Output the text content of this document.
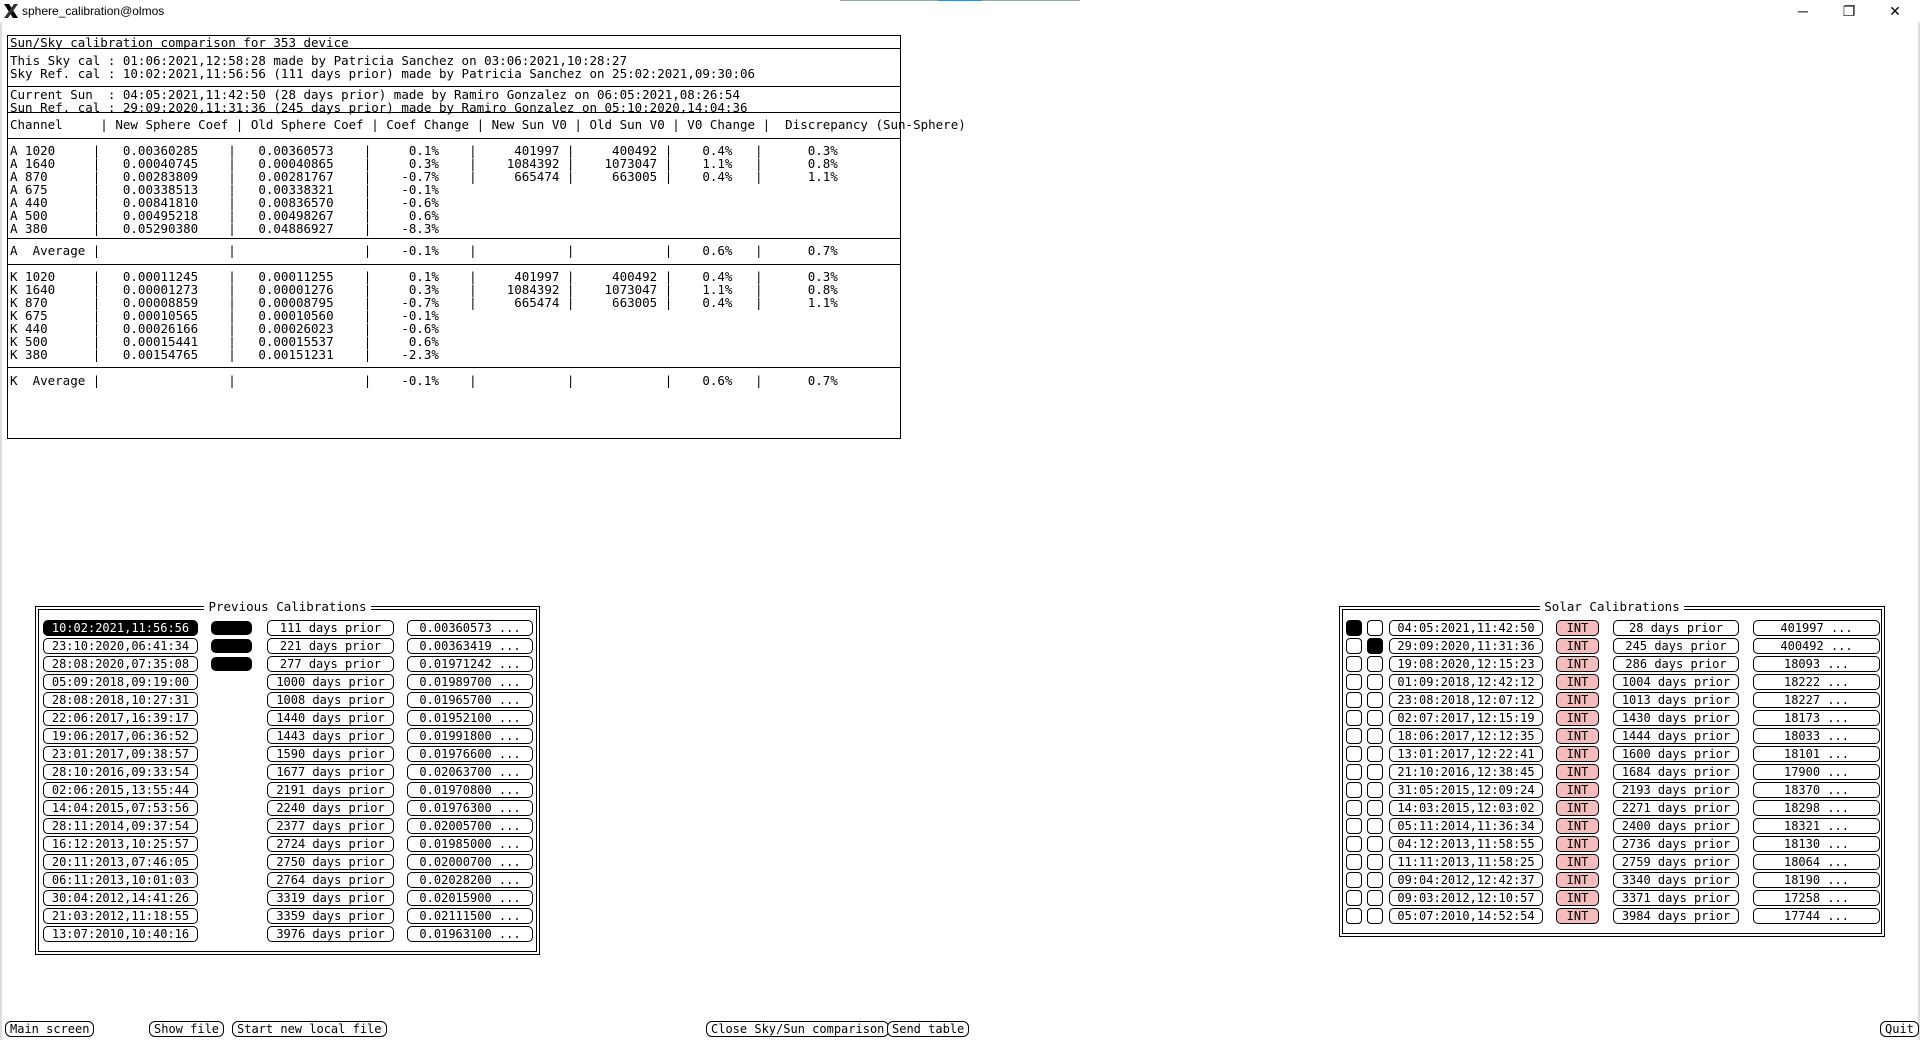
sphere_calibration@olmos	─ ❐ ✕
Sun/Sky calibration comparison for 353 device
This Sky cal : 01:06:2021,12:58:28 made by Patricia Sanchez on 03:06:2021,10:28:27
Sky Ref. cal : 10:02:2021,11:56:56 (111 days prior) made by Patricia Sanchez on 25:02:2021,09:30:06
Current Sun  : 04:05:2021,11:42:50 (28 days prior) made by Ramiro Gonzalez on 06:05:2021,08:26:54
Sun Ref. cal : 29:09:2020,11:31:36 (245 days prior) made by Ramiro Gonzalez on 05:10:2020,14:04:36
Channel     | New Sphere Coef | Old Sphere Coef | Coef Change | New Sun V0 | Old Sun V0 | V0 Change |  Discrepancy (Sun-Sphere)
A 1020     |   0.00360285    |   0.00360573    |     0.1%    |     401997 |     400492 |    0.4%   |      0.3%
A 1640     |   0.00040745    |   0.00040865    |     0.3%    |    1084392 |    1073047 |    1.1%   |      0.8%
A 870      |   0.00283809    |   0.00281767    |    -0.7%    |     665474 |     663005 |    0.4%   |      1.1%
A 675      |   0.00338513    |   0.00338321    |    -0.1%
A 440      |   0.00841810    |   0.00836570    |    -0.6%
A 500      |   0.00495218    |   0.00498267    |     0.6%
A 380      |   0.05290380    |   0.04886927    |    -8.3%
A  Average |                 |                 |    -0.1%    |            |            |    0.6%   |      0.7%
K 1020     |   0.00011245    |   0.00011255    |     0.1%    |     401997 |     400492 |    0.4%   |      0.3%
K 1640     |   0.00001273    |   0.00001276    |     0.3%    |    1084392 |    1073047 |    1.1%   |      0.8%
K 870      |   0.00008859    |   0.00008795    |    -0.7%    |     665474 |     663005 |    0.4%   |      1.1%
K 675      |   0.00010565    |   0.00010560    |    -0.1%
K 440      |   0.00026166    |   0.00026023    |    -0.6%
K 500      |   0.00015441    |   0.00015537    |     0.6%
K 380      |   0.00154765    |   0.00151231    |    -2.3%
K  Average |                 |                 |    -0.1%    |            |            |    0.6%   |      0.7%
Previous Calibrations
10:02:2021,11:56:56	111 days prior	0.00360573 ...
23:10:2020,06:41:34	221 days prior	0.00363419 ...
28:08:2020,07:35:08	277 days prior	0.01971242 ...
05:09:2018,09:19:00	1000 days prior	0.01989700 ...
28:08:2018,10:27:31	1008 days prior	0.01965700 ...
22:06:2017,16:39:17	1440 days prior	0.01952100 ...
19:06:2017,06:36:52	1443 days prior	0.01991800 ...
23:01:2017,09:38:57	1590 days prior	0.01976600 ...
28:10:2016,09:33:54	1677 days prior	0.02063700 ...
02:06:2015,13:55:44	2191 days prior	0.01970800 ...
14:04:2015,07:53:56	2240 days prior	0.01976300 ...
28:11:2014,09:37:54	2377 days prior	0.02005700 ...
16:12:2013,10:25:57	2724 days prior	0.01985000 ...
20:11:2013,07:46:05	2750 days prior	0.02000700 ...
06:11:2013,10:01:03	2764 days prior	0.02028200 ...
30:04:2012,14:41:26	3319 days prior	0.02015900 ...
21:03:2012,11:18:55	3359 days prior	0.02111500 ...
13:07:2010,10:40:16	3976 days prior	0.01963100 ...
Solar Calibrations
04:05:2021,11:42:50	INT	28 days prior	401997 ...
29:09:2020,11:31:36	INT	245 days prior	400492 ...
19:08:2020,12:15:23	INT	286 days prior	18093 ...
01:09:2018,12:42:12	INT	1004 days prior	18222 ...
23:08:2018,12:07:12	INT	1013 days prior	18227 ...
02:07:2017,12:15:19	INT	1430 days prior	18173 ...
18:06:2017,12:12:35	INT	1444 days prior	18033 ...
13:01:2017,12:22:41	INT	1600 days prior	18101 ...
21:10:2016,12:38:45	INT	1684 days prior	17900 ...
31:05:2015,12:09:24	INT	2193 days prior	18370 ...
14:03:2015,12:03:02	INT	2271 days prior	18298 ...
05:11:2014,11:36:34	INT	2400 days prior	18321 ...
04:12:2013,11:58:55	INT	2736 days prior	18130 ...
11:11:2013,11:58:25	INT	2759 days prior	18064 ...
09:04:2012,12:42:37	INT	3340 days prior	18190 ...
09:03:2012,12:10:57	INT	3371 days prior	17258 ...
05:07:2010,14:52:54	INT	3984 days prior	17744 ...
Main screen	Show file	Start new local file	Close Sky/Sun comparison Send table	Quit
